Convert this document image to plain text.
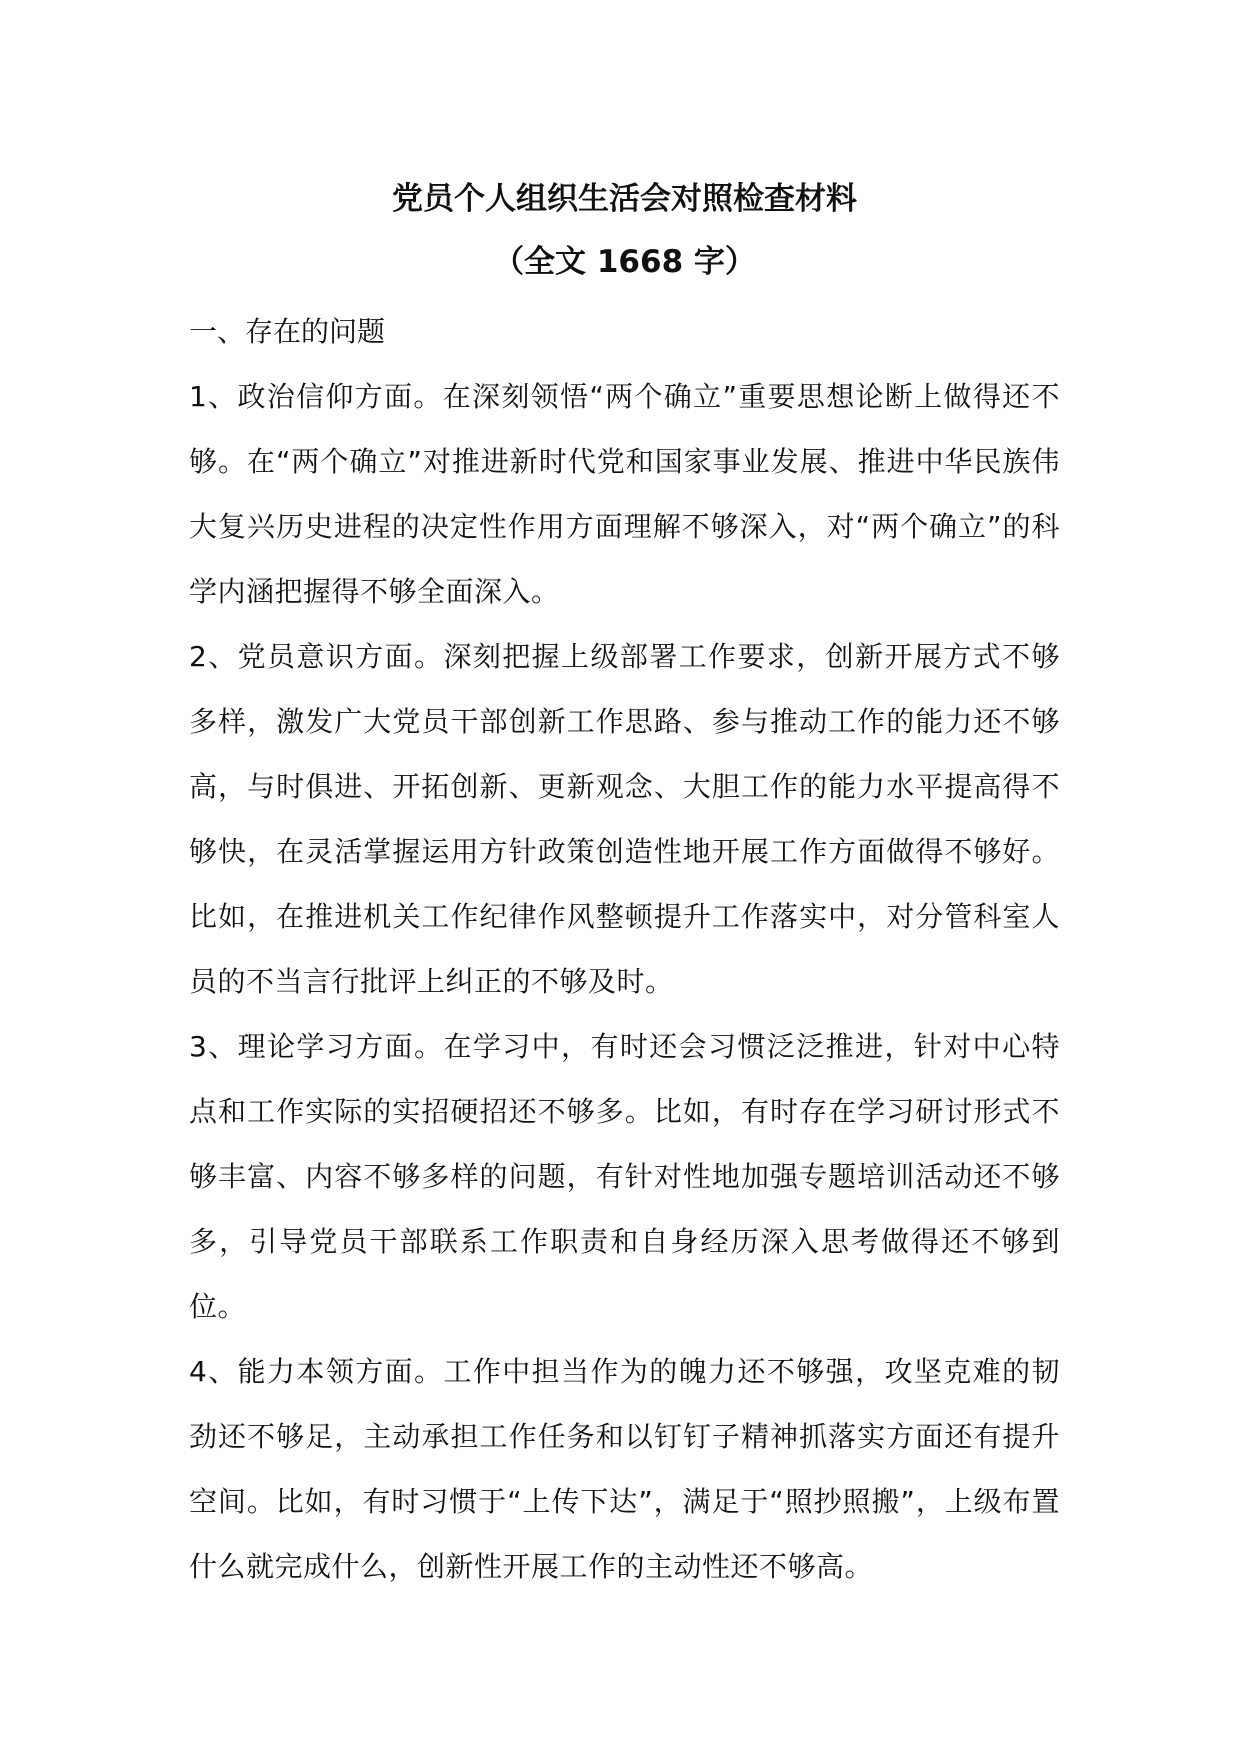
党员个人组织生活会对照检查材料
（全文 1668 字）
一、存在的问题

1、政治信仰方面。在深刻领悟“两个确立”重要思想论断上做得还不够。在“两个确立”对推进新时代党和国家事业发展、推进中华民族伟大复兴历史进程的决定性作用方面理解不够深入，对“两个确立”的科学内涵把握得不够全面深入。

2、党员意识方面。深刻把握上级部署工作要求，创新开展方式不够多样，激发广大党员干部创新工作思路、参与推动工作的能力还不够高，与时俱进、开拓创新、更新观念、大胆工作的能力水平提高得不够快，在灵活掌握运用方针政策创造性地开展工作方面做得不够好。比如，在推进机关工作纪律作风整顿提升工作落实中，对分管科室人员的不当言行批评上纠正的不够及时。

3、理论学习方面。在学习中，有时还会习惯泛泛推进，针对中心特点和工作实际的实招硬招还不够多。比如，有时存在学习研讨形式不够丰富、内容不够多样的问题，有针对性地加强专题培训活动还不够多，引导党员干部联系工作职责和自身经历深入思考做得还不够到位。

4、能力本领方面。工作中担当作为的魄力还不够强，攻坚克难的韧劲还不够足，主动承担工作任务和以钉钉子精神抓落实方面还有提升空间。比如，有时习惯于“上传下达”，满足于“照抄照搬”，上级布置什么就完成什么，创新性开展工作的主动性还不够高。
